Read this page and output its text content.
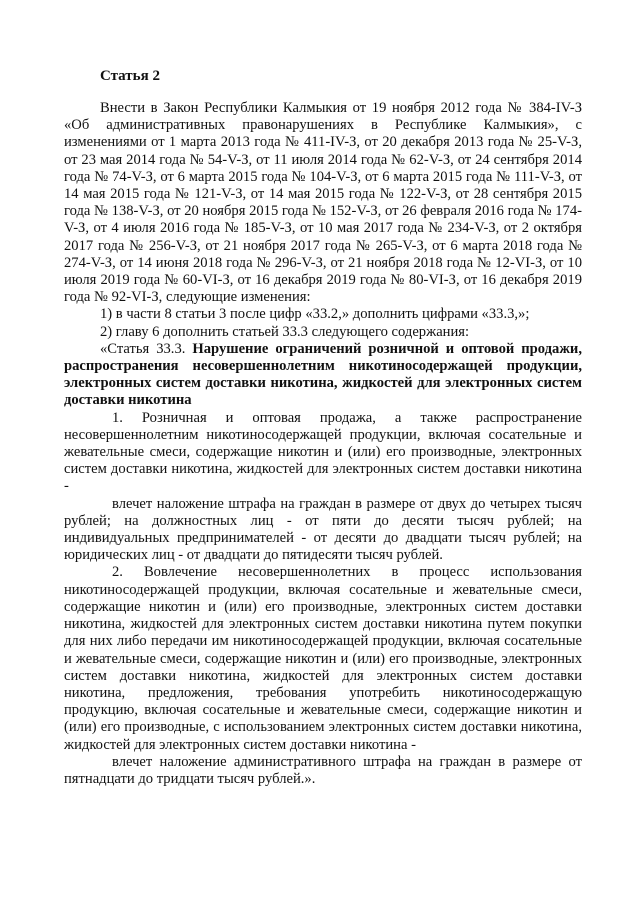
Статья 2

Внести в Закон Республики Калмыкия от 19 ноября 2012 года № 384-IV-З «Об административных правонарушениях в Республике Калмыкия», с изменениями от 1 марта 2013 года № 411-IV-З, от 20 декабря 2013 года № 25-V-З, от 23 мая 2014 года № 54-V-З, от 11 июля 2014 года № 62-V-З, от 24 сентября 2014 года № 74-V-З, от 6 марта 2015 года № 104-V-З, от 6 марта 2015 года № 111-V-З, от 14 мая 2015 года № 121-V-З, от 14 мая 2015 года № 122-V-З, от 28 сентября 2015 года № 138-V-З, от 20 ноября 2015 года № 152-V-З, от 26 февраля 2016 года № 174-V-З, от 4 июля 2016 года № 185-V-З, от 10 мая 2017 года № 234-V-З, от 2 октября 2017 года № 256-V-З, от 21 ноября 2017 года № 265-V-З, от 6 марта 2018 года № 274-V-З, от 14 июня 2018 года № 296-V-З, от 21 ноября 2018 года № 12-VI-З, от 10 июля 2019 года № 60-VI-З, от 16 декабря 2019 года № 80-VI-З, от 16 декабря 2019 года № 92-VI-З, следующие изменения:

1) в части 8 статьи 3 после цифр «33.2,» дополнить цифрами «33.3,»;

2) главу 6 дополнить статьей 33.3 следующего содержания:

«Статья 33.3. Нарушение ограничений розничной и оптовой продажи, распространения несовершеннолетним никотиносодержащей продукции, электронных систем доставки никотина, жидкостей для электронных систем доставки никотина

1. Розничная и оптовая продажа, а также распространение несовершеннолетним никотиносодержащей продукции, включая сосательные и жевательные смеси, содержащие никотин и (или) его производные, электронных систем доставки никотина, жидкостей для электронных систем доставки никотина -

влечет наложение штрафа на граждан в размере от двух до четырех тысяч рублей; на должностных лиц - от пяти до десяти тысяч рублей; на индивидуальных предпринимателей - от десяти до двадцати тысяч рублей; на юридических лиц - от двадцати до пятидесяти тысяч рублей.

2. Вовлечение несовершеннолетних в процесс использования никотиносодержащей продукции, включая сосательные и жевательные смеси, содержащие никотин и (или) его производные, электронных систем доставки никотина, жидкостей для электронных систем доставки никотина путем покупки для них либо передачи им никотиносодержащей продукции, включая сосательные и жевательные смеси, содержащие никотин и (или) его производные, электронных систем доставки никотина, жидкостей для электронных систем доставки никотина, предложения, требования употребить никотиносодержащую продукцию, включая сосательные и жевательные смеси, содержащие никотин и (или) его производные, с использованием электронных систем доставки никотина, жидкостей для электронных систем доставки никотина -

влечет наложение административного штрафа на граждан в размере от пятнадцати до тридцати тысяч рублей.».
